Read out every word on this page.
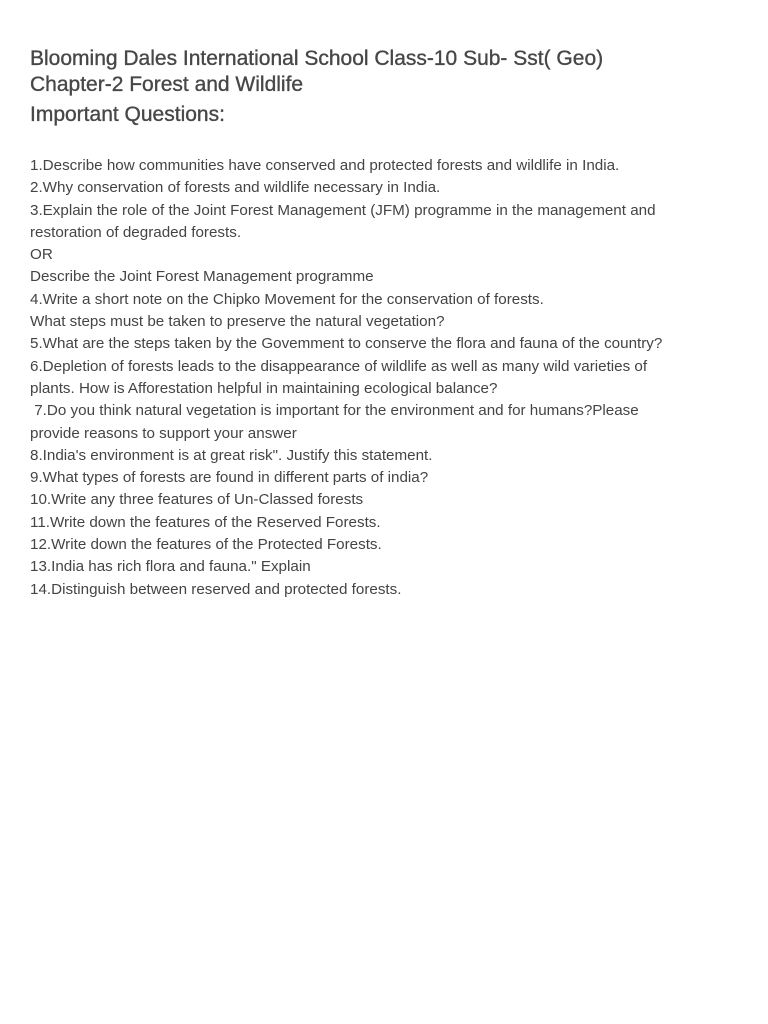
Blooming Dales International School Class-10 Sub- Sst( Geo)
Chapter-2 Forest and Wildlife
Important Questions:

1.Describe how communities have conserved and protected forests and wildlife in India.

2.Why conservation of forests and wildlife necessary in India.

3.Explain the role of the Joint Forest Management (JFM) programme in the management and

restoration of degraded forests.

OR

Describe the Joint Forest Management programme

4.Write a short note on the Chipko Movement for the conservation of forests.

What steps must be taken to preserve the natural vegetation?

5.What are the steps taken by the Govemment to conserve the flora and fauna of the country?

6.Depletion of forests leads to the disappearance of wildlife as well as many wild varieties of

plants. How is Afforestation helpful in maintaining ecological balance?

7.Do you think natural vegetation is important for the environment and for humans?Please

provide reasons to support your answer

8.India's environment is at great risk". Justify this statement.

9.What types of forests are found in different parts of india?

10.Write any three features of Un-Classed forests

11.Write down the features of the Reserved Forests.

12.Write down the features of the Protected Forests.

13.India has rich flora and fauna." Explain

14.Distinguish between reserved and protected forests.
